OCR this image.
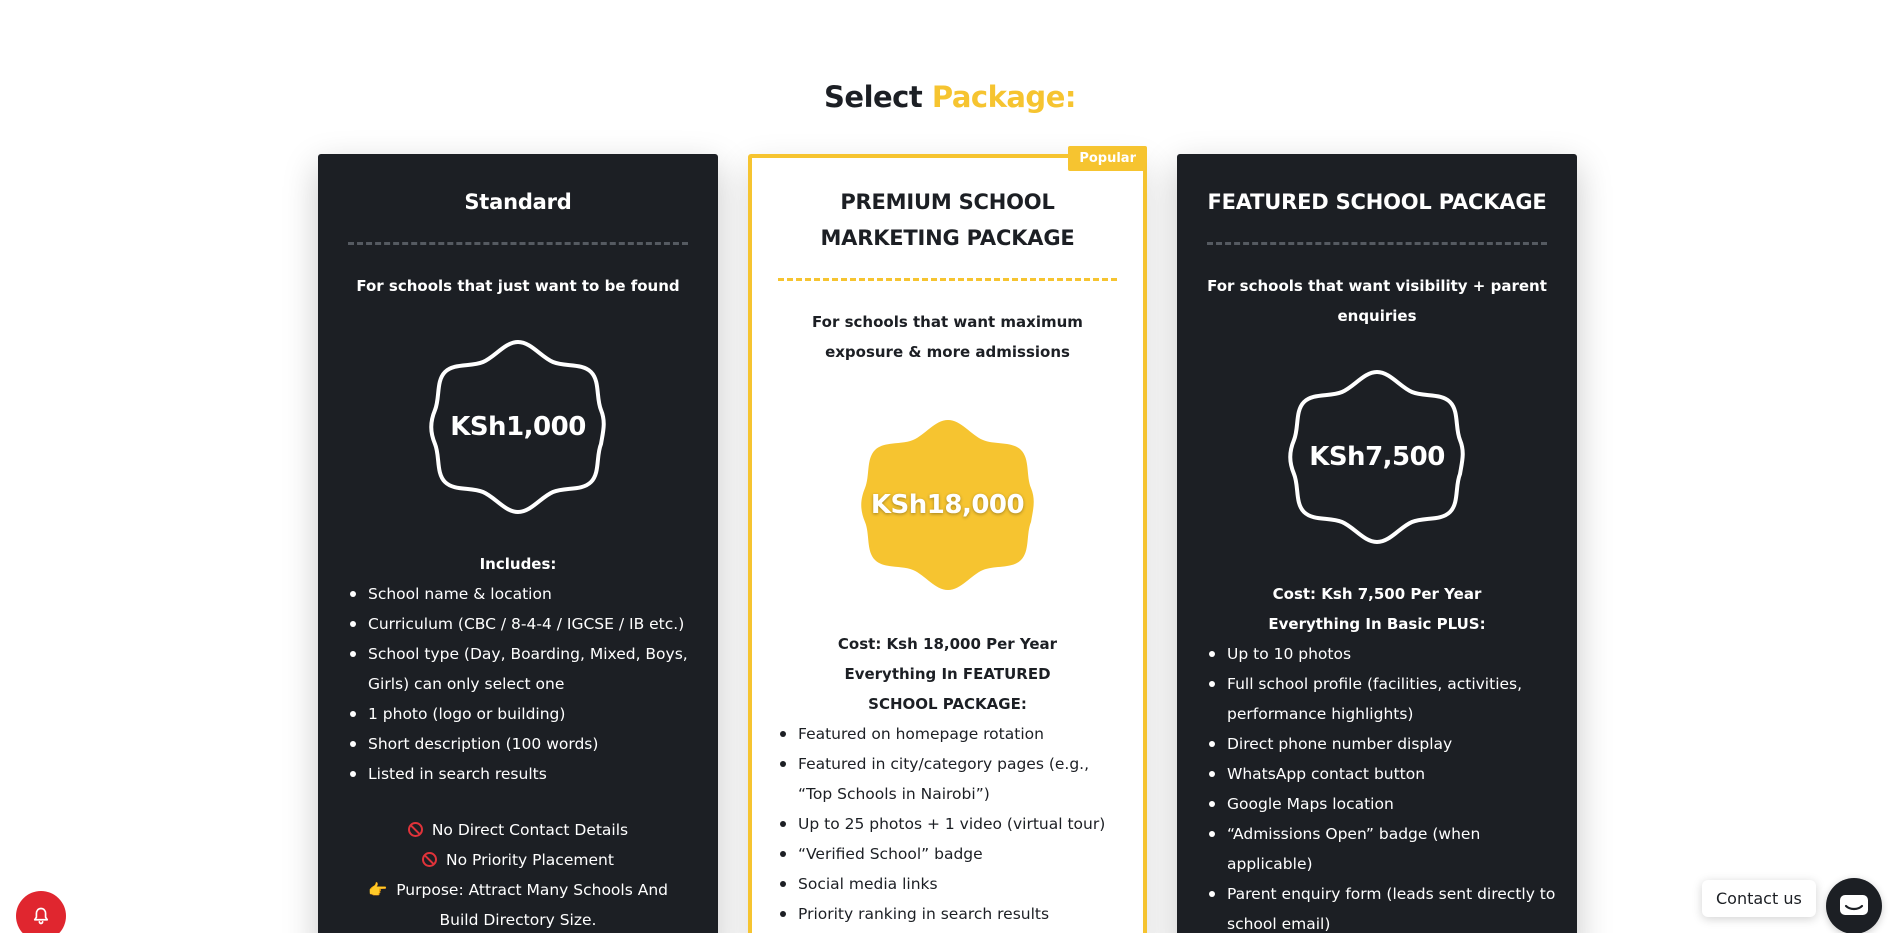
Select Package:
Standard
For schools that just want to be found
KSh1,000
Includes:
School name & location
Curriculum (CBC / 8-4-4 / IGCSE / IB etc.)
School type (Day, Boarding, Mixed, Boys, Girls) can only select one
1 photo (logo or building)
Short description (100 words)
Listed in search results
No Direct Contact Details
No Priority Placement
👉 Purpose: Attract Many Schools And Build Directory Size.
Popular
PREMIUM SCHOOL MARKETING PACKAGE
For schools that want maximum exposure & more admissions
KSh18,000
Cost: Ksh 18,000 Per Year
Everything In FEATURED SCHOOL PACKAGE:
Featured on homepage rotation
Featured in city/category pages (e.g., “Top Schools in Nairobi”)
Up to 25 photos + 1 video (virtual tour)
“Verified School” badge
Social media links
Priority ranking in search results
FEATURED SCHOOL PACKAGE
For schools that want visibility + parent enquiries
KSh7,500
Cost: Ksh 7,500 Per Year
Everything In Basic PLUS:
Up to 10 photos
Full school profile (facilities, activities, performance highlights)
Direct phone number display
WhatsApp contact button
Google Maps location
“Admissions Open” badge (when applicable)
Parent enquiry form (leads sent directly to school email)
Contact us
